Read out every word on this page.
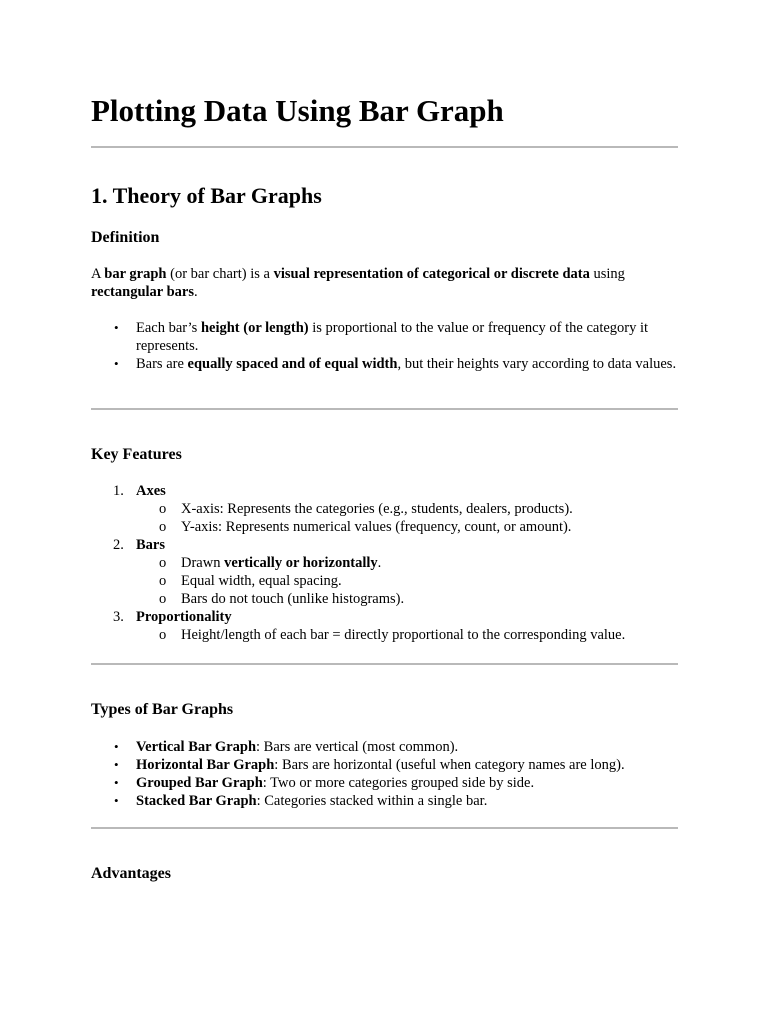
Plotting Data Using Bar Graph
1. Theory of Bar Graphs
Definition

A bar graph (or bar chart) is a visual representation of categorical or discrete data using rectangular bars.

•	Each bar’s height (or length) is proportional to the value or frequency of the category it represents.
•	Bars are equally spaced and of equal width, but their heights vary according to data values.
Key Features
1. Axes
o X-axis: Represents the categories (e.g., students, dealers, products).
o Y-axis: Represents numerical values (frequency, count, or amount).
2. Bars
o Drawn vertically or horizontally.
o Equal width, equal spacing.
o Bars do not touch (unlike histograms).
3. Proportionality
o Height/length of each bar = directly proportional to the corresponding value.
Types of Bar Graphs
•	Vertical Bar Graph: Bars are vertical (most common).
•	Horizontal Bar Graph: Bars are horizontal (useful when category names are long).
•	Grouped Bar Graph: Two or more categories grouped side by side.
•	Stacked Bar Graph: Categories stacked within a single bar.
Advantages
